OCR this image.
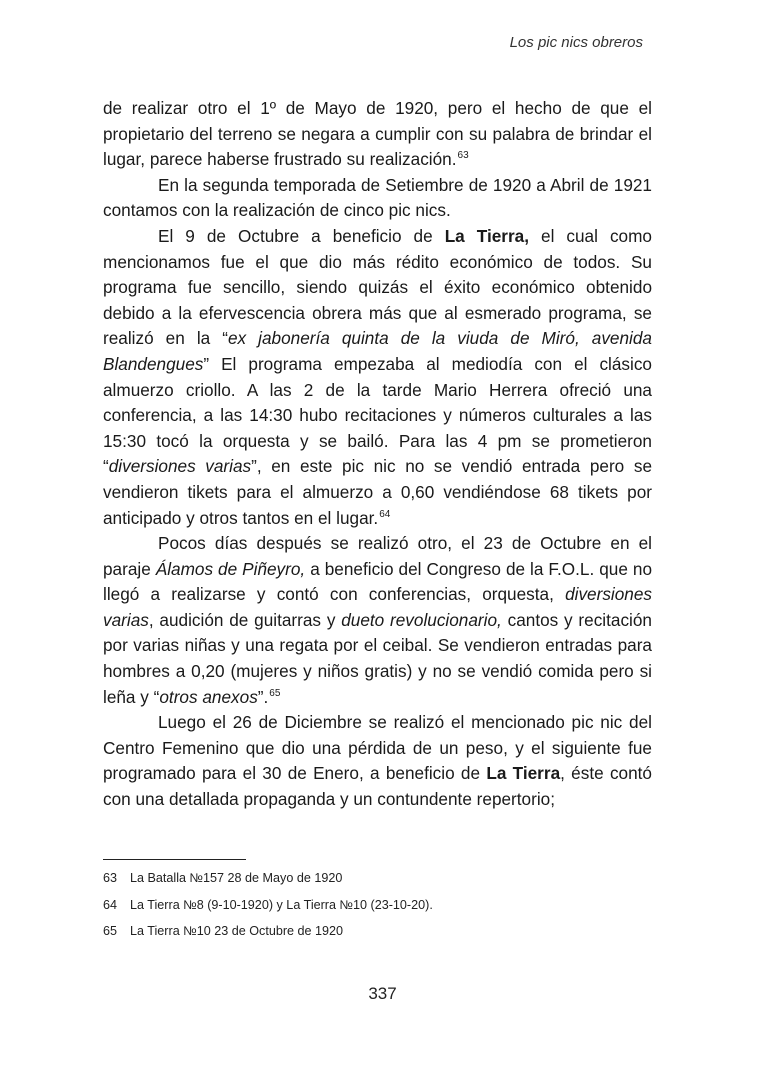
Los pic nics obreros

de realizar otro el 1º de Mayo de 1920, pero el hecho de que el propietario del terreno se negara a cumplir con su palabra de brindar el lugar, parece haberse frustrado su realización.$^{63}$

En la segunda temporada de Setiembre de 1920 a Abril de 1921 contamos con la realización de cinco pic nics.

El 9 de Octubre a beneficio de La Tierra, el cual como mencionamos fue el que dio más rédito económico de todos. Su programa fue sencillo, siendo quizás el éxito económico obtenido debido a la efervescencia obrera más que al esmerado programa, se realizó en la “ex jabonería quinta de la viuda de Miró, avenida Blandengues” El programa empezaba al mediodía con el clásico almuerzo criollo. A las 2 de la tarde Mario Herrera ofreció una conferencia, a las 14:30 hubo recitaciones y números culturales a las 15:30 tocó la orquesta y se bailó. Para las 4 pm se prometieron “diversiones varias”, en este pic nic no se vendió entrada pero se vendieron tikets para el almuerzo a 0,60 vendiéndose 68 tikets por anticipado y otros tantos en el lugar.$^{64}$

Pocos días después se realizó otro, el 23 de Octubre en el paraje Álamos de Piñeyro, a beneficio del Congreso de la F.O.L. que no llegó a realizarse y contó con conferencias, orquesta, diversiones varias, audición de guitarras y dueto revolucionario, cantos y recitación por varias niñas y una regata por el ceibal. Se vendieron entradas para hombres a 0,20 (mujeres y niños gratis) y no se vendió comida pero si leña y “otros anexos”.$^{65}$

Luego el 26 de Diciembre se realizó el mencionado pic nic del Centro Femenino que dio una pérdida de un peso, y el siguiente fue programado para el 30 de Enero, a beneficio de La Tierra, éste contó con una detallada propaganda y un contundente repertorio;

63	La Batalla №157 28 de Mayo de 1920
64	La Tierra №8 (9-10-1920) y La Tierra №10 (23-10-20).
65	La Tierra №10 23 de Octubre de 1920
337
